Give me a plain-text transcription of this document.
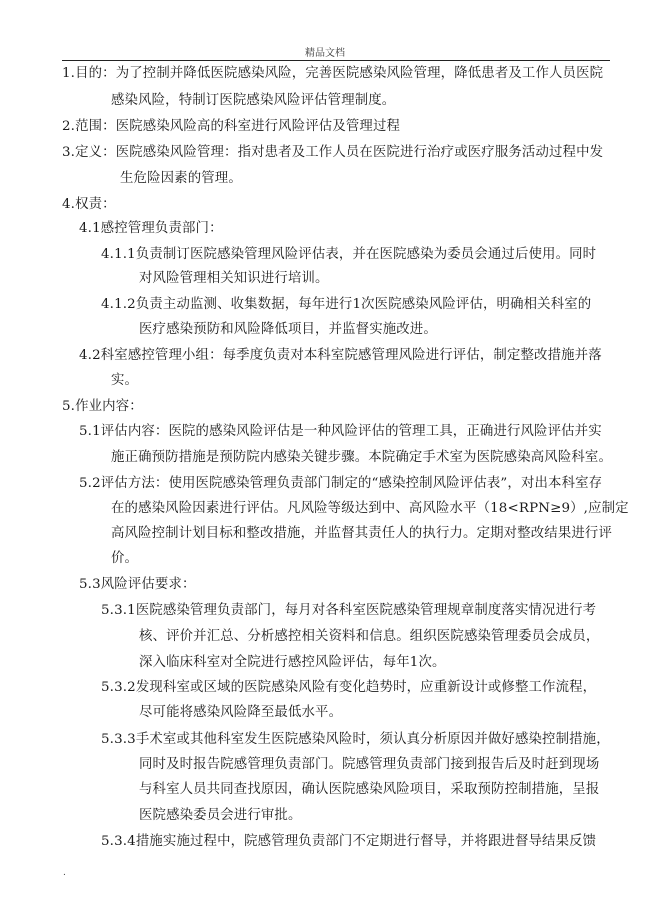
精品文档
1.目的：为了控制并降低医院感染风险，完善医院感染风险管理，降低患者及工作人员医院
感染风险，特制订医院感染风险评估管理制度。
2.范围：医院感染风险高的科室进行风险评估及管理过程
3.定义：医院感染风险管理：指对患者及工作人员在医院进行治疗或医疗服务活动过程中发
生危险因素的管理。
4.权责：
4.1感控管理负责部门：
4.1.1负责制订医院感染管理风险评估表，并在医院感染为委员会通过后使用。同时
对风险管理相关知识进行培训。
4.1.2负责主动监测、收集数据，每年进行1次医院感染风险评估，明确相关科室的
医疗感染预防和风险降低项目，并监督实施改进。
4.2科室感控管理小组：每季度负责对本科室院感管理风险进行评估，制定整改措施并落
实。
5.作业内容：
5.1评估内容：医院的感染风险评估是一种风险评估的管理工具，正确进行风险评估并实
施正确预防措施是预防院内感染关键步骤。本院确定手术室为医院感染高风险科室。
5.2评估方法：使用医院感染管理负责部门制定的“感染控制风险评估表”，对出本科室存
在的感染风险因素进行评估。凡风险等级达到中、高风险水平（18<RPN≥9）,应制定
高风险控制计划目标和整改措施，并监督其责任人的执行力。定期对整改结果进行评
价。
5.3风险评估要求：
5.3.1医院感染管理负责部门，每月对各科室医院感染管理规章制度落实情况进行考
核、评价并汇总、分析感控相关资料和信息。组织医院感染管理委员会成员，
深入临床科室对全院进行感控风险评估，每年1次。
5.3.2发现科室或区域的医院感染风险有变化趋势时，应重新设计或修整工作流程，
尽可能将感染风险降至最低水平。
5.3.3手术室或其他科室发生医院感染风险时，须认真分析原因并做好感染控制措施，
同时及时报告院感管理负责部门。院感管理负责部门接到报告后及时赶到现场
与科室人员共同查找原因，确认医院感染风险项目，采取预防控制措施，呈报
医院感染委员会进行审批。
5.3.4措施实施过程中，院感管理负责部门不定期进行督导，并将跟进督导结果反馈
.
